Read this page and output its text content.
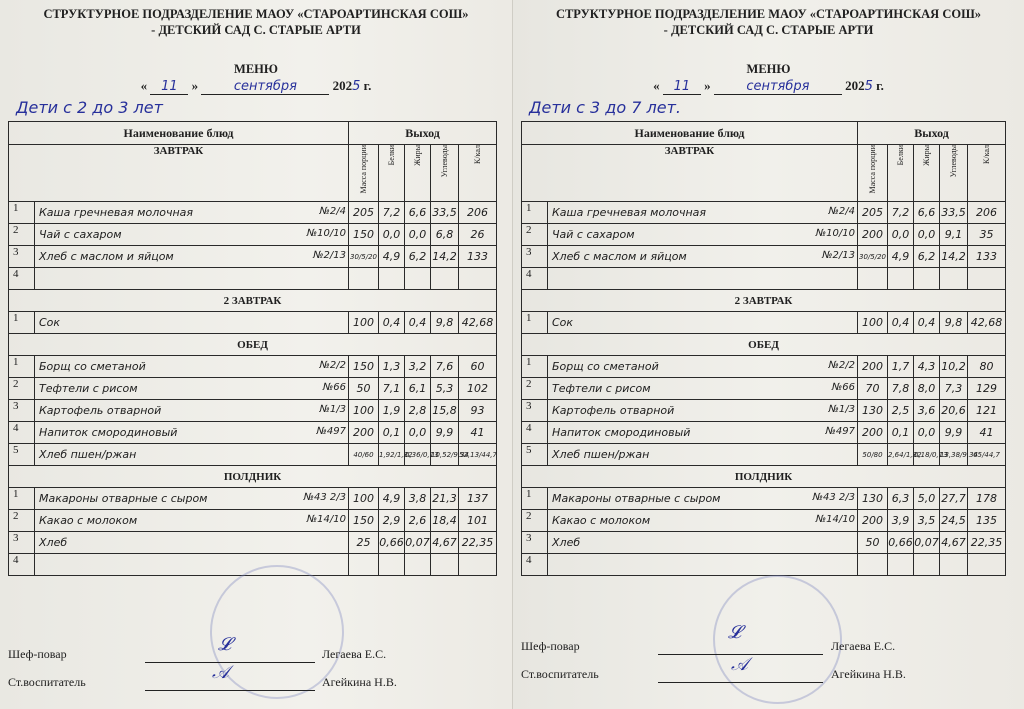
СТРУКТУРНОЕ ПОДРАЗДЕЛЕНИЕ МАОУ «СТАРОАРТИНСКАЯ СОШ»
- ДЕТСКИЙ САД С. СТАРЫЕ АРТИ
МЕНЮ
« 11 »	сентября	2025 г.
Дети с 2 до 3 лет
Наименование блюд		Выход				
ЗАВТРАК		Масса порции	Белки	Жиры	Углеводы	К/кал

1	Каша гречневая молочная №2/4	205	7,2	6,6	33,5	206
2	Чай с сахаром №10/10	150	0,0	0,0	6,8	26
3	Хлеб с маслом и яйцом №2/13	30/5/20	4,9	6,2	14,2	133
4	

2 ЗАВТРАК						
1	Сок	100	0,4	0,4	9,8	42,68
ОБЕД						
1	Борщ со сметаной №2/2	150	1,3	3,2	7,6	60
2	Тефтели с рисом №66	50	7,1	6,1	5,3	102
3	Картофель отварной №1/3	100	1,9	2,8	15,8	93
4	Напиток смородиновый №497	200	0,1	0,0	9,9	41
5	Хлеб пшен/ржан	40/60	1,92/1,32	0,36/0,13	10,52/9,34	52,13/44,7
ПОЛДНИК						
1	Макароны отварные с сыром №43 2/3	100	4,9	3,8	21,3	137
2	Какао с молоком №14/10	150	2,9	2,6	18,4	101
3	Хлеб	25	0,66	0,07	4,67	22,35
4	

Шеф-повар	𝓛	Легаева Е.С.
Ст.воспитатель	𝒜	Агейкина Н.В.
СТРУКТУРНОЕ ПОДРАЗДЕЛЕНИЕ МАОУ «СТАРОАРТИНСКАЯ СОШ»
- ДЕТСКИЙ САД С. СТАРЫЕ АРТИ
МЕНЮ
« 11 »	сентября	2025 г.
Дети с 3 до 7 лет.
Наименование блюд		Выход				
ЗАВТРАК		Масса порции	Белки	Жиры	Углеводы	К/кал

1	Каша гречневая молочная №2/4	205	7,2	6,6	33,5	206
2	Чай с сахаром №10/10	200	0,0	0,0	9,1	35
3	Хлеб с маслом и яйцом №2/13	30/5/20	4,9	6,2	14,2	133
4	

2 ЗАВТРАК						
1	Сок	100	0,4	0,4	9,8	42,68
ОБЕД						
1	Борщ со сметаной №2/2	200	1,7	4,3	10,2	80
2	Тефтели с рисом №66	70	7,8	8,0	7,3	129
3	Картофель отварной №1/3	130	2,5	3,6	20,6	121
4	Напиток смородиновый №497	200	0,1	0,0	9,9	41
5	Хлеб пшен/ржан	50/80	2,64/1,32	0,18/0,13	13,38/9,34	65/44,7
ПОЛДНИК						
1	Макароны отварные с сыром №43 2/3	130	6,3	5,0	27,7	178
2	Какао с молоком №14/10	200	3,9	3,5	24,5	135
3	Хлеб	50	0,66	0,07	4,67	22,35
4	

Шеф-повар
𝓛
Легаева Е.С.
Ст.воспитатель	𝒜	Агейкина Н.В.
